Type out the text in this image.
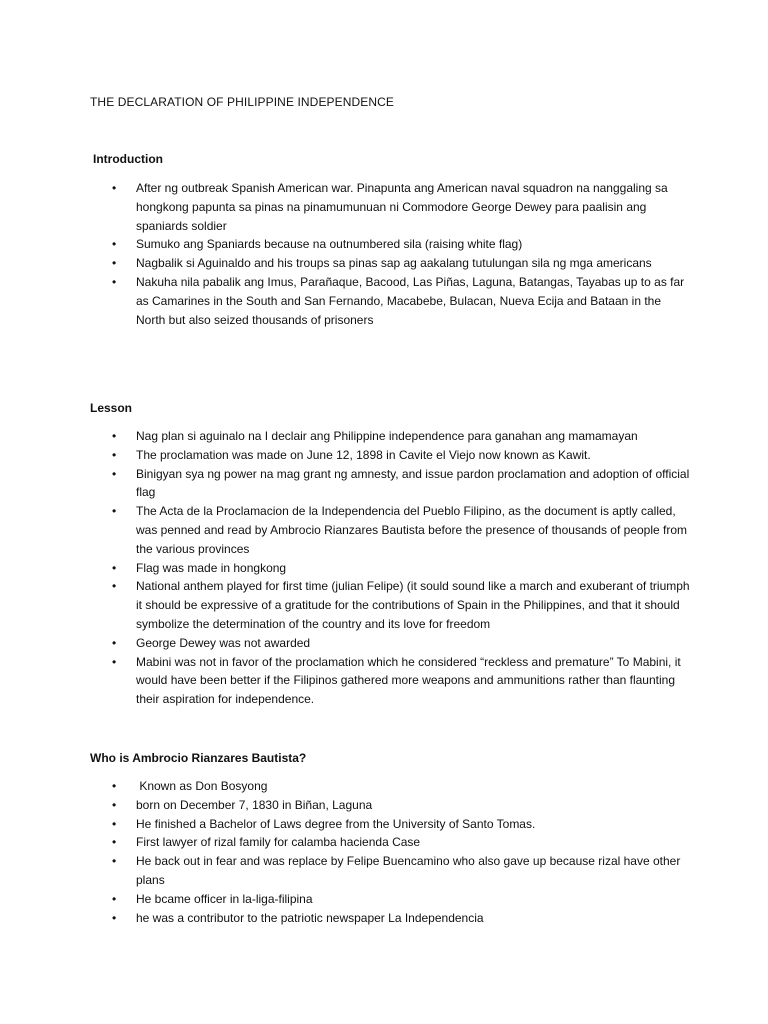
THE DECLARATION OF PHILIPPINE INDEPENDENCE

Introduction

• After ng outbreak Spanish American war. Pinapunta ang American naval squadron na nanggaling sa hongkong papunta sa pinas na pinamumunuan ni Commodore George Dewey para paalisin ang spaniards soldier
• Sumuko ang Spaniards because na outnumbered sila (raising white flag)
• Nagbalik si Aguinaldo and his troups sa pinas sap ag aakalang tutulungan sila ng mga americans
• Nakuha nila pabalik ang Imus, Parañaque, Bacood, Las Piñas, Laguna, Batangas, Tayabas up to as far as Camarines in the South and San Fernando, Macabebe, Bulacan, Nueva Ecija and Bataan in the North but also seized thousands of prisoners

Lesson

• Nag plan si aguinalo na I declair ang Philippine independence para ganahan ang mamamayan
• The proclamation was made on June 12, 1898 in Cavite el Viejo now known as Kawit.
• Binigyan sya ng power na mag grant ng amnesty, and issue pardon proclamation and adoption of official flag
• The Acta de la Proclamacion de la Independencia del Pueblo Filipino, as the document is aptly called, was penned and read by Ambrocio Rianzares Bautista before the presence of thousands of people from the various provinces
• Flag was made in hongkong
• National anthem played for first time (julian Felipe) (it sould sound like a march and exuberant of triumph it should be expressive of a gratitude for the contributions of Spain in the Philippines, and that it should symbolize the determination of the country and its love for freedom
• George Dewey was not awarded
• Mabini was not in favor of the proclamation which he considered “reckless and premature” To Mabini, it would have been better if the Filipinos gathered more weapons and ammunitions rather than flaunting their aspiration for independence.

Who is Ambrocio Rianzares Bautista?

• Known as Don Bosyong
• born on December 7, 1830 in Biñan, Laguna
• He finished a Bachelor of Laws degree from the University of Santo Tomas.
• First lawyer of rizal family for calamba hacienda Case
• He back out in fear and was replace by Felipe Buencamino who also gave up because rizal have other plans
• He bcame officer in la-liga-filipina
• he was a contributor to the patriotic newspaper La Independencia
